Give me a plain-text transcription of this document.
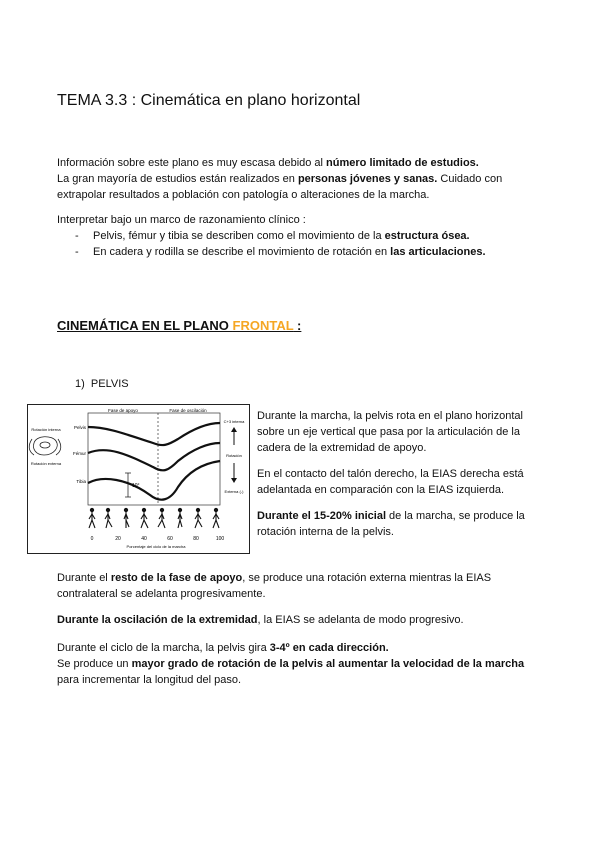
TEMA 3.3 : Cinemática en plano horizontal

Información sobre este plano es muy escasa debido al número limitado de estudios.

La gran mayoría de estudios están realizados en personas jóvenes y sanas. Cuidado con

extrapolar resultados a población con patología o alteraciones de la marcha.

Interpretar bajo un marco de razonamiento clínico :

- Pelvis, fémur y tibia se describen como el movimiento de la estructura ósea.
- En cadera y rodilla se describe el movimiento de rotación en las articulaciones.
CINEMÁTICA EN EL PLANO FRONTAL :
1) PELVIS
Fase de apoyo	Fase de oscilación
Pelvis
Fémur
Tibia
10°
Rotación interna
Rotación externa
C+3 interna
Rotación
Externa (-)
0	20	40	60	80	100
Porcentaje del ciclo de la marcha

Durante la marcha, la pelvis rota en el plano horizontal sobre un eje vertical que pasa por la articulación de la cadera de la extremidad de apoyo.

En el contacto del talón derecho, la EIAS derecha está adelantada en comparación con la EIAS izquierda.

Durante el 15-20% inicial de la marcha, se produce la rotación interna de la pelvis.

Durante el resto de la fase de apoyo, se produce una rotación externa mientras la EIAS contralateral se adelanta progresivamente.

Durante la oscilación de la extremidad, la EIAS se adelanta de modo progresivo.

Durante el ciclo de la marcha, la pelvis gira 3-4º en cada dirección.

Se produce un mayor grado de rotación de la pelvis al aumentar la velocidad de la marcha para incrementar la longitud del paso.
